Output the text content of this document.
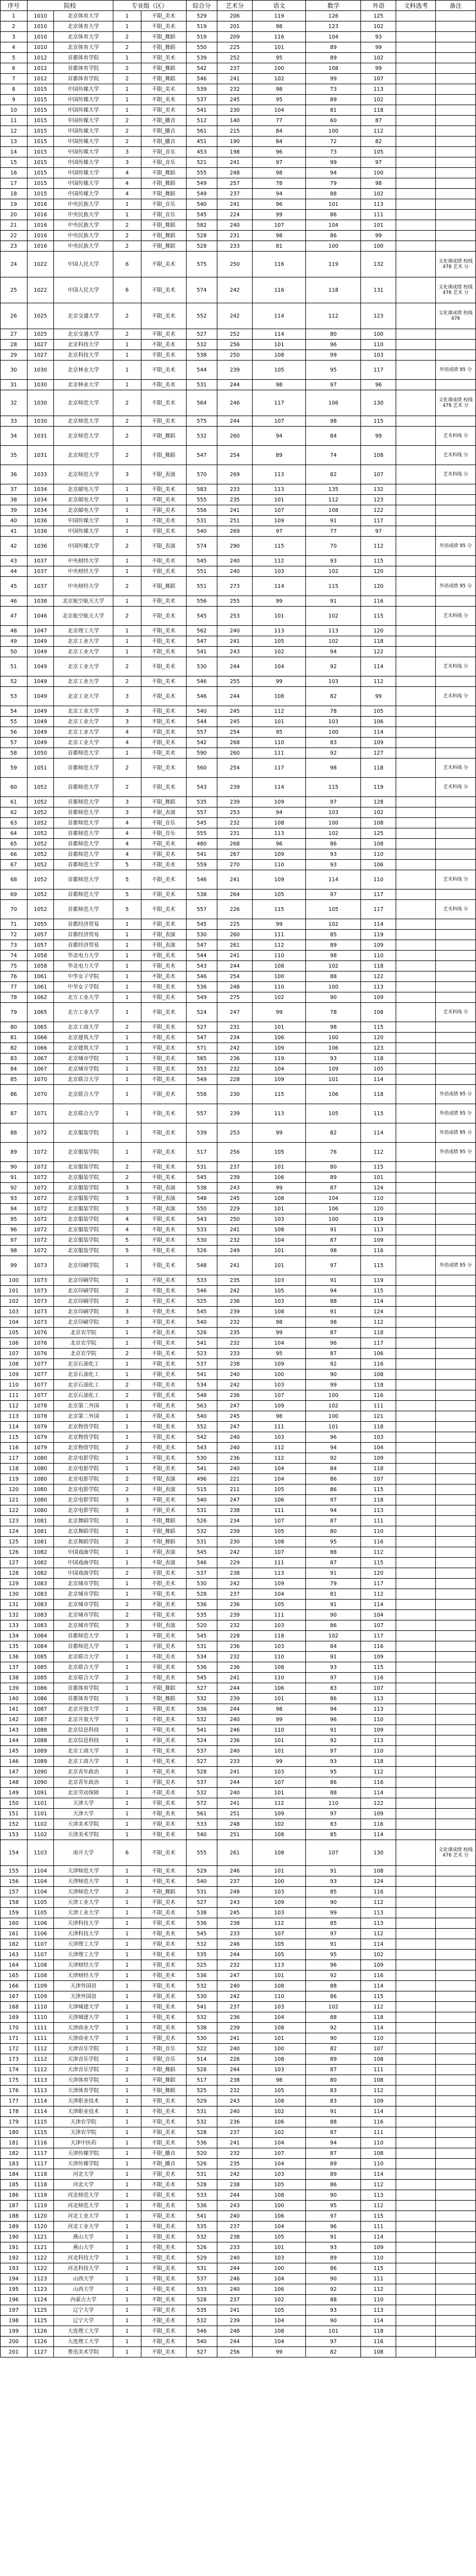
序号	院校		专业组（区）		综合分	艺术分	语文	数学	外语	文科选考	备注
1	1010	北京体育大学	1	不限_美术	529	206	119	126	125		
2	1010	北京体育大学	1	不限_美术	519	201	98	123	102		
3	1010	北京体育大学	2	不限_舞蹈	519	209	116	104	93		
4	1010	北京体育大学	2	不限_舞蹈	550	225	101	89	99		
5	1012	首都体育学院	1	不限_美术	539	252	95	89	102		
6	1012	首都体育学院	2	不限_舞蹈	542	237	100	108	99		
7	1012	首都体育学院	2	不限_舞蹈	546	241	102	99	107		
8	1015	中国传媒大学	1	不限_美术	539	232	98	73	113		
9	1015	中国传媒大学	1	不限_美术	537	245	95	89	102		
10	1015	中国传媒大学	1	不限_美术	541	230	104	81	118		
11	1015	中国传媒大学	2	不限_播音	512	140	77	60	87		
12	1015	中国传媒大学	2	不限_播音	561	215	84	100	112		
13	1015	中国传媒大学	2	不限_播音	451	190	84	72	82		
14	1015	中国传媒大学	3	不限_音乐	453	198	96	73	105		
15	1015	中国传媒大学	3	不限_音乐	521	241	97	99	97		
16	1015	中国传媒大学	4	不限_舞蹈	555	248	98	94	100		
17	1015	中国传媒大学	4	不限_舞蹈	549	257	78	79	98		
18	1015	中国传媒大学	4	不限_舞蹈	549	237	94	88	102		
19	1016	中央民族大学	1	不限_音乐	540	241	96	101	113		
20	1016	中央民族大学	1	不限_音乐	545	224	99	86	111		
21	1016	中央民族大学	2	不限_舞蹈	582	240	107	104	101		
22	1016	中央民族大学	2	不限_舞蹈	528	231	98	86	99		
23	1016	中央民族大学	2	不限_舞蹈	528	233	81	100	100		
24	1022	中国人民大学	6	不限_美术	575	250	116	119	132		文化课成绩 校线 476 艺术 分
25	1022	中国人民大学	6	不限_美术	574	242	116	118	131		文化课成绩 校线 476 艺术 分
26	1025	北京交通大学	2	不限_美术	552	242	114	112	123		文化课成绩 校线 476
27	1025	北京交通大学	2	不限_美术	527	252	114	80	100		
28	1027	北京科技大学	1	不限_美术	532	256	101	96	110		
29	1027	北京科技大学	1	不限_美术	538	250	108	99	103		
30	1030	北京林业大学	1	不限_美术	544	239	105	95	117		外语成绩 95 分
31	1030	北京林业大学	1	不限_美术	531	244	98	97	96		
32	1030	北京师范大学	2	不限_美术	564	246	117	106	130		文化课成绩 校线 476 艺术 分
33	1030	北京师范大学	2	不限_美术	575	244	107	98	115		
34	1031	北京师范大学	2	不限_舞蹈	532	260	94	84	99		艺术科线 分
35	1031	北京师范大学	2	不限_舞蹈	547	254	89	74	108		艺术科线 分
36	1033	北京师范大学	3	不限_表演	570	269	113	82	107		艺术科线 分
37	1034	北京邮电大学	1	不限_美术	583	233	113	135	132		
38	1034	北京邮电大学	1	不限_美术	555	235	101	112	123		
39	1034	北京邮电大学	1	不限_美术	556	241	107	108	122		
40	1036	中国传媒大学	1	不限_美术	531	251	109	91	117		
41	1036	中国传媒大学	1	不限_美术	540	269	97	77	97		
42	1036	中国传媒大学	2	不限_表演	574	290	115	70	112		外语成绩 95 分
43	1037	中央财经大学	1	不限_美术	545	240	112	93	115		
44	1037	中央财经大学	1	不限_美术	551	240	103	102	120		
45	1037	中央财经大学	2	不限_舞蹈	551	273	114	115	120		外语成绩 95 分
46	1038	北京航空航天大学	1	不限_美术	556	255	99	91	116		
47	1046	北京航空航天大学	2	不限_美术	545	253	101	102	115		艺术科线 分
48	1047	北京理工大学	1	不限_美术	562	240	113	113	120		
49	1049	北京工业大学	1	不限_美术	547	241	105	102	118		
50	1049	北京工业大学	1	不限_美术	541	243	102	94	122		
51	1049	北京工业大学	2	不限_美术	530	244	104	92	114		艺术科线 分
52	1049	北京工业大学	2	不限_美术	546	255	99	103	112		
53	1049	北京工业大学	3	不限_美术	546	244	108	82	99		艺术科线 分
54	1049	北京工业大学	3	不限_美术	540	245	112	78	105		
55	1049	北京工业大学	3	不限_美术	544	245	101	103	106		
56	1049	北京工业大学	4	不限_美术	557	254	95	100	114		
57	1049	北京工业大学	4	不限_美术	542	268	110	83	109		
58	1050	首都师范大学	1	不限_美术	590	260	111	92	127		
59	1051	首都师范大学	2	不限_美术	560	254	117	98	118		艺术科线 分
60	1052	首都师范大学	2	不限_美术	543	239	114	115	119		艺术科线 分
61	1052	首都师范大学	3	不限_舞蹈	535	239	109	97	128		
62	1052	首都师范大学	3	不限_表演	557	253	94	103	102		
63	1052	首都师范大学	4	不限_音乐	545	232	108	100	108		
64	1052	首都师范大学	4	不限_音乐	555	231	113	102	125		
65	1052	首都师范大学	4	不限_美术	480	268	96	86	108		
66	1052	首都师范大学	4	不限_美术	541	267	109	93	110		
67	1052	首都师范大学	5	不限_美术	559	270	110	93	106		
68	1052	首都师范大学	5	不限_美术	546	241	109	114	110		艺术科线 分
69	1052	首都师范大学	5	不限_美术	538	264	105	97	117		
70	1052	首都师范大学	5	不限_美术	557	226	115	105	117		艺术科线 分
71	1055	首都经济贸易	1	不限_美术	545	225	99	102	114		
72	1057	首都经济贸易	1	不限_表演	530	260	111	85	119		
73	1057	首都经济贸易	1	不限_表演	547	261	112	89	109		
74	1058	华北电力大学	1	不限_美术	544	241	110	98	110		
75	1058	华北电力大学	1	不限_美术	543	244	108	102	118		
76	1061	中华女子学院	1	不限_美术	546	254	100	88	122		
77	1061	中华女子学院	1	不限_美术	536	248	110	100	113		
78	1062	北方工业大学	1	不限_美术	549	275	102	90	109		
79	1065	北方工业大学	1	不限_美术	524	247	99	78	108		艺术科线 分
80	1065	北京工商大学	2	不限_美术	527	231	101	98	115		
81	1066	北京建筑大学	1	不限_美术	547	234	106	100	120		
82	1066	北京建筑大学	1	不限_美术	571	242	109	106	123		
83	1067	北京城市学院	1	不限_美术	565	236	119	93	118		
84	1067	北京城市学院	1	不限_美术	553	232	104	109	105		
85	1070	北京联合大学	1	不限_美术	549	228	109	101	114		
86	1070	北京联合大学	1	不限_美术	558	230	115	106	118		外语成绩 95 分
87	1071	北京联合大学	1	不限_美术	557	239	113	105	115		外语成绩 95 分
88	1072	北京服装学院	1	不限_美术	539	253	99	82	114		外语成绩 95 分
89	1072	北京服装学院	1	不限_美术	517	256	105	76	112		外语成绩 95 分
90	1072	北京服装学院	2	不限_美术	531	237	101	80	115		
91	1072	北京服装学院	2	不限_美术	545	239	106	89	101		
92	1072	北京服装学院	3	不限_表演	538	243	99	87	124		
93	1072	北京服装学院	3	不限_表演	548	245	108	104	110		
94	1072	北京服装学院	3	不限_表演	550	229	101	106	120		
95	1072	北京服装学院	4	不限_美术	543	250	103	100	119		
96	1072	北京服装学院	4	不限_美术	533	241	108	91	113		
97	1072	北京服装学院	5	不限_美术	530	232	104	87	109		
98	1072	北京服装学院	5	不限_美术	526	249	101	98	116		
99	1073	北京印刷学院	1	不限_美术	548	241	101	97	115		外语成绩 95 分
100	1073	北京印刷学院	1	不限_美术	533	235	103	91	119		
101	1073	北京印刷学院	2	不限_美术	546	242	105	94	115		
102	1073	北京印刷学院	2	不限_美术	525	236	103	88	114		
103	1073	北京印刷学院	3	不限_美术	545	239	108	91	124		
104	1073	北京印刷学院	3	不限_美术	540	232	98	98	112		
105	1076	北京农学院	1	不限_美术	526	235	99	87	118		
106	1076	北京农学院	1	不限_美术	541	232	104	96	117		
107	1076	北京农学院	2	不限_美术	523	233	95	87	106		
108	1077	北京石油化工	1	不限_美术	537	238	109	92	116		
109	1077	北京石油化工	1	不限_美术	541	240	100	90	108		
110	1077	北京石油化工	2	不限_美术	534	242	103	99	118		
111	1077	北京石油化工	2	不限_美术	548	236	107	100	116		
112	1078	北京第二外国	1	不限_美术	563	247	109	102	111		
113	1078	北京第二外国	1	不限_美术	540	245	98	100	121		
114	1079	北京物资学院	1	不限_美术	552	247	111	101	118		
115	1079	北京物资学院	1	不限_美术	542	240	103	96	103		
116	1079	北京物资学院	2	不限_美术	543	240	112	94	104		
117	1080	北京电影学院	1	不限_美术	530	236	112	92	109		
118	1080	北京电影学院	1	不限_美术	541	240	104	84	118		
119	1080	北京电影学院	2	不限_表演	496	221	104	86	107		
120	1080	北京电影学院	2	不限_表演	515	211	105	86	115		
121	1080	北京电影学院	3	不限_美术	540	247	106	97	118		
122	1080	北京电影学院	3	不限_美术	531	238	111	94	113		
123	1081	北京舞蹈学院	1	不限_舞蹈	526	234	107	87	111		
124	1081	北京舞蹈学院	1	不限_舞蹈	532	239	105	80	110		
125	1081	北京舞蹈学院	2	不限_舞蹈	531	230	108	95	116		
126	1082	中国戏曲学院	1	不限_表演	545	242	107	88	112		
127	1082	中国戏曲学院	1	不限_表演	546	229	111	87	115		
128	1082	中国戏曲学院	2	不限_美术	537	238	113	91	120		
129	1083	北京城市学院	1	不限_美术	530	242	109	79	117		
130	1083	北京城市学院	1	不限_美术	528	237	104	81	112		
131	1083	北京城市学院	2	不限_美术	536	236	105	91	114		
132	1083	北京城市学院	2	不限_美术	535	239	111	90	104		
133	1083	北京城市学院	3	不限_表演	520	232	103	86	107		
134	1084	首都师范大学	1	不限_美术	545	228	118	102	117		
135	1084	首都师范大学	1	不限_美术	531	236	103	84	116		
136	1085	北京联合大学	1	不限_美术	534	232	110	91	109		
137	1085	北京联合大学	1	不限_美术	536	236	108	93	115		
138	1085	北京联合大学	2	不限_美术	545	241	110	97	116		
139	1086	首都体育学院	1	不限_舞蹈	527	244	106	83	107		
140	1086	首都体育学院	1	不限_舞蹈	532	239	101	86	113		
141	1087	北京开放大学	1	不限_美术	536	244	98	94	113		
142	1087	北京开放大学	1	不限_美术	532	240	99	96	110		
143	1088	北京信息科技	1	不限_美术	541	246	110	91	109		
144	1088	北京信息科技	1	不限_美术	524	236	101	92	113		
145	1089	北京工商大学	1	不限_美术	537	240	101	97	110		
146	1089	北京工商大学	1	不限_美术	527	233	99	93	118		
147	1090	北京青年政治	1	不限_美术	528	241	103	95	112		
148	1090	北京青年政治	1	不限_美术	537	244	107	86	116		
149	1091	北京劳动保障	1	不限_美术	532	240	101	88	114		
150	1101	天津大学	1	不限_美术	572	241	112	110	122		
151	1101	天津大学	1	不限_美术	561	251	109	97	109		
152	1102	天津美术学院	1	不限_美术	533	248	102	83	116		
153	1102	天津美术学院	1	不限_美术	540	251	108	85	114		
154	1103	南开大学	6	不限_美术	555	261	108	107	130		文化课成绩 校线 476 艺术 分
155	1104	天津师范大学	1	不限_美术	529	246	101	91	108		
156	1104	天津师范大学	1	不限_美术	540	237	100	93	124		
157	1104	天津师范大学	2	不限_舞蹈	531	248	103	85	116		
158	1105	天津工业大学	1	不限_美术	527	243	109	90	112		
159	1105	天津工业大学	1	不限_美术	538	245	103	99	113		
160	1106	天津科技大学	1	不限_美术	536	238	112	85	113		
161	1106	天津科技大学	1	不限_美术	545	233	107	97	112		
162	1107	天津理工大学	1	不限_美术	532	246	105	91	114		
163	1107	天津理工大学	1	不限_美术	535	244	105	95	102		
164	1108	天津财经大学	1	不限_美术	525	232	113	96	109		
165	1108	天津财经大学	1	不限_美术	536	247	101	92	116		
166	1109	天津外国语	1	不限_美术	532	240	108	88	114		
167	1109	天津外国语	1	不限_美术	530	242	110	86	115		
168	1110	天津城建大学	1	不限_美术	541	237	103	102	112		
169	1110	天津城建大学	1	不限_美术	532	236	104	88	118		
170	1111	天津商业大学	1	不限_美术	538	239	108	92	114		
171	1111	天津商业大学	1	不限_美术	530	241	101	90	110		
172	1112	天津音乐学院	1	不限_音乐	522	240	100	82	107		
173	1112	天津音乐学院	1	不限_音乐	514	226	108	89	108		
174	1112	天津音乐学院	2	不限_舞蹈	528	244	103	87	111		
175	1113	天津体育学院	1	不限_舞蹈	517	238	98	80	108		
176	1113	天津体育学院	1	不限_舞蹈	525	232	105	83	112		
177	1114	天津职业技术	1	不限_美术	529	243	108	83	109		
178	1114	天津职业技术	1	不限_美术	531	240	102	91	114		
179	1115	天津农学院	1	不限_美术	532	236	106	88	116		
180	1115	天津农学院	1	不限_美术	528	237	102	87	111		
181	1116	天津中医药	1	不限_美术	536	241	104	94	110		
182	1117	天津传媒学院	1	不限_播音	520	232	107	87	108		
183	1117	天津传媒学院	1	不限_播音	526	235	104	89	110		
184	1118	河北大学	1	不限_美术	531	242	103	89	114		
185	1118	河北大学	1	不限_美术	528	238	105	86	112		
186	1119	河北师范大学	1	不限_美术	533	244	108	90	113		
187	1119	河北师范大学	1	不限_美术	536	243	100	95	112		
188	1120	河北工业大学	1	不限_美术	541	240	106	97	115		
189	1120	河北工业大学	1	不限_美术	535	237	104	96	111		
190	1121	燕山大学	1	不限_美术	532	238	105	91	114		
191	1121	燕山大学	1	不限_美术	526	233	101	93	109		
192	1122	河北科技大学	1	不限_美术	529	240	103	89	110		
193	1122	河北科技大学	1	不限_美术	531	244	100	86	115		
194	1123	山西大学	1	不限_美术	537	246	104	90	111		
195	1123	山西大学	1	不限_美术	533	240	106	92	112		
196	1124	内蒙古大学	1	不限_美术	528	237	102	88	110		
197	1125	辽宁大学	1	不限_美术	535	241	105	93	113		
198	1125	辽宁大学	1	不限_美术	532	239	104	90	114		
199	1126	大连理工大学	1	不限_美术	546	248	108	101	118		
200	1126	大连理工大学	1	不限_美术	540	244	104	97	116		
201	1127	鲁迅美术学院	1	不限_美术	527	256	99	82	108		
